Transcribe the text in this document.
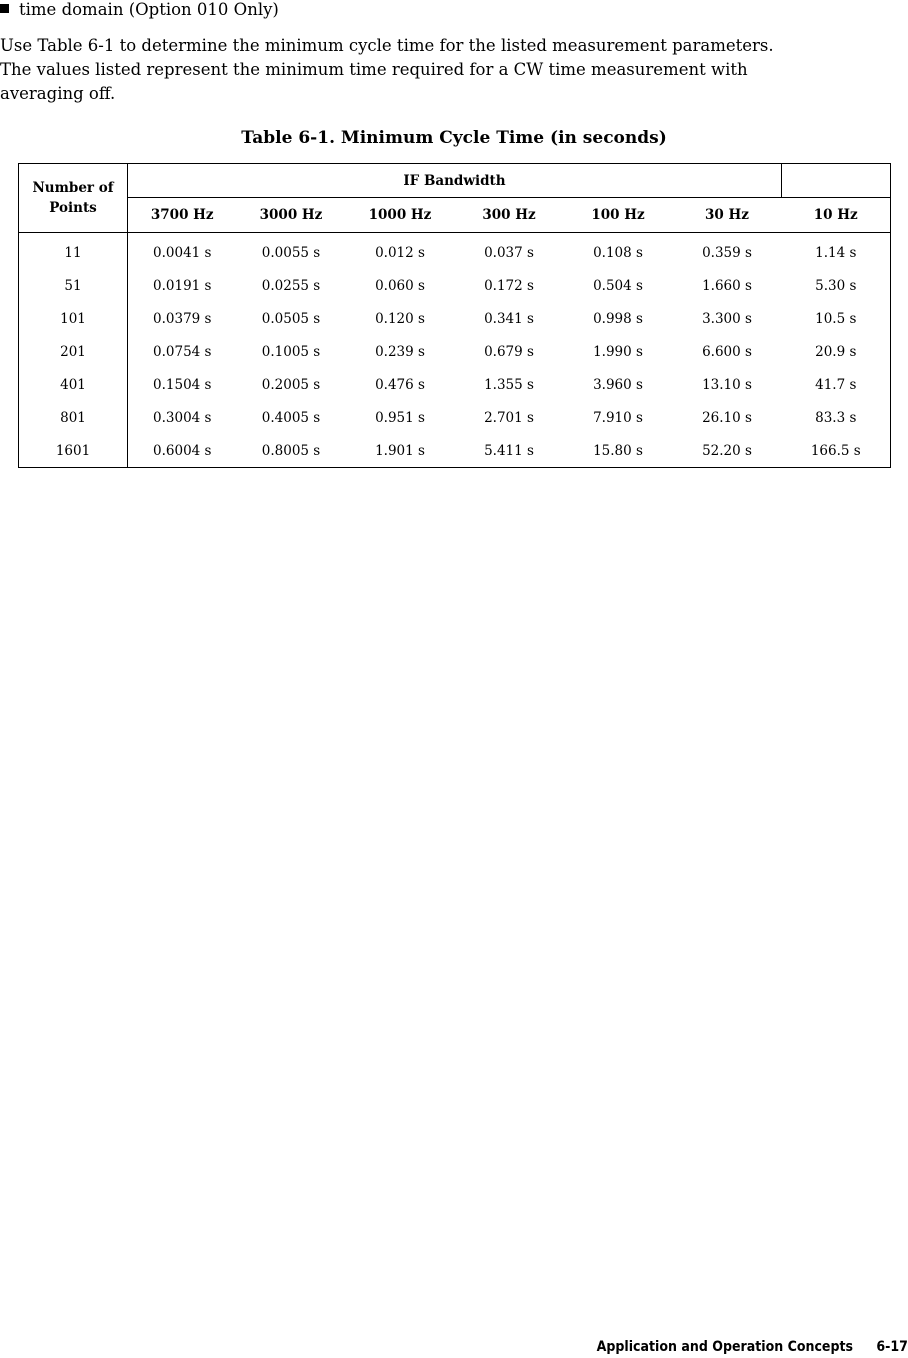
time domain (Option 010 Only)

Use Table 6-1 to determine the minimum cycle time for the listed measurement parameters.

The values listed represent the minimum time required for a CW time measurement with

averaging off.

Table 6-1. Minimum Cycle Time (in seconds)
Number of Points	IF Bandwidth						
	3700 Hz	3000 Hz	1000 Hz	300 Hz	100 Hz	30 Hz	10 Hz
11	0.0041 s	0.0055 s	0.012 s	0.037 s	0.108 s	0.359 s	1.14 s
51	0.0191 s	0.0255 s	0.060 s	0.172 s	0.504 s	1.660 s	5.30 s
101	0.0379 s	0.0505 s	0.120 s	0.341 s	0.998 s	3.300 s	10.5 s
201	0.0754 s	0.1005 s	0.239 s	0.679 s	1.990 s	6.600 s	20.9 s
401	0.1504 s	0.2005 s	0.476 s	1.355 s	3.960 s	13.10 s	41.7 s
801	0.3004 s	0.4005 s	0.951 s	2.701 s	7.910 s	26.10 s	83.3 s
1601	0.6004 s	0.8005 s	1.901 s	5.411 s	15.80 s	52.20 s	166.5 s
Application and Operation Concepts 6-17
